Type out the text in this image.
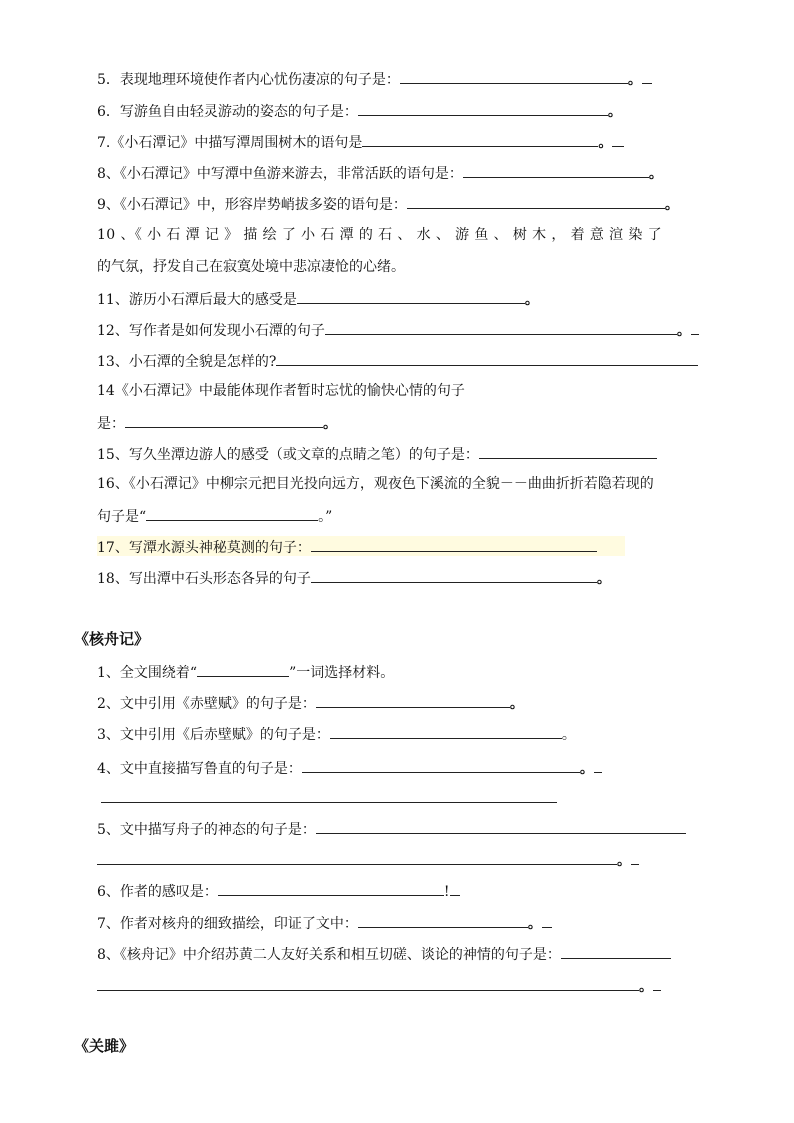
5．表现地理环境使作者内心忧伤凄凉的句子是：	。
6．写游鱼自由轻灵游动的姿态的句子是：	。
7.《小石潭记》中描写潭周围树木的语句是	。
8、《小石潭记》中写潭中鱼游来游去，非常活跃的语句是：	。
9、《小石潭记》中，形容岸势峭拔多姿的语句是：	。
10 、《 小 石 潭 记 》 描 绘 了 小 石 潭 的 石 、 水 、 游 鱼 、 树 木 ， 着 意 渲 染 了
的气氛，抒发自己在寂寞处境中悲凉凄怆的心绪。
11、游历小石潭后最大的感受是	。
12、写作者是如何发现小石潭的句子	。
13、小石潭的全貌是怎样的?
14《小石潭记》中最能体现作者暂时忘忧的愉快心情的句子
是：	。
15、写久坐潭边游人的感受（或文章的点睛之笔）的句子是：
16、《小石潭记》中柳宗元把目光投向远方，观夜色下溪流的全貌－－曲曲折折若隐若现的
句子是“	。”
17、写潭水源头神秘莫测的句子：
18、写出潭中石头形态各异的句子	。
《核舟记》
1、全文围绕着“	”一词选择材料。
2、文中引用《赤壁赋》的句子是：	。
3、文中引用《后赤壁赋》的句子是：	。
4、文中直接描写鲁直的句子是：	。
5、文中描写舟子的神态的句子是：
。
6、作者的感叹是：	!
7、作者对核舟的细致描绘，印证了文中：	。
8、《核舟记》中介绍苏黄二人友好关系和相互切磋、谈论的神情的句子是：
。
《关雎》
